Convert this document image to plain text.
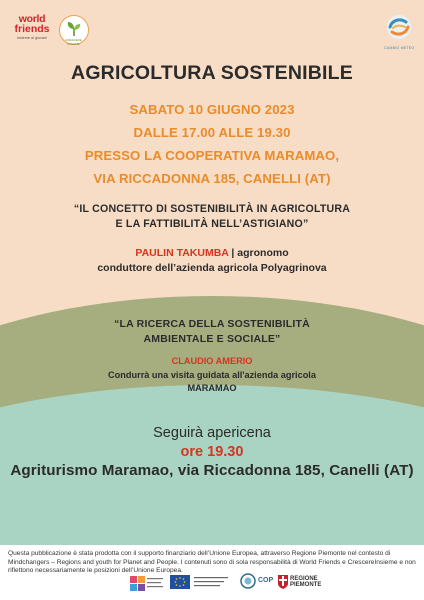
world
friends
insieme ai giovani	CRESCERE INSIEME
CAMBIO METEO
AGRICOLTURA SOSTENIBILE
SABATO 10 GIUGNO 2023
DALLE 17.00 ALLE 19.30
PRESSO LA COOPERATIVA MARAMAO,
VIA RICCADONNA 185, CANELLI (AT)
“IL CONCETTO DI SOSTENIBILITÀ IN AGRICOLTURA
E LA FATTIBILITÀ NELL’ASTIGIANO”
PAULIN TAKUMBA | agronomo
conduttore dell’azienda agricola Polyagrinova
“LA RICERCA DELLA SOSTENIBILITÀ
AMBIENTALE E SOCIALE”
CLAUDIO AMERIO
Condurrà una visita guidata all'azienda agricola
MARAMAO
Seguirà apericena
ore 19.30
Agriturismo Maramao, via Riccadonna 185, Canelli (AT)
Questa pubblicazione è stata prodotta con il supporto finanziario dell’Unione Europea, attraverso Regione Piemonte nel contesto di Mindchangers – Regions and youth for Planet and People. I contenuti sono di sola responsabilità di World Friends e CrescereInsieme e non riflettono necessariamente le posizioni dell’Unione Europea.
COP	REGIONE
PIEMONTE
